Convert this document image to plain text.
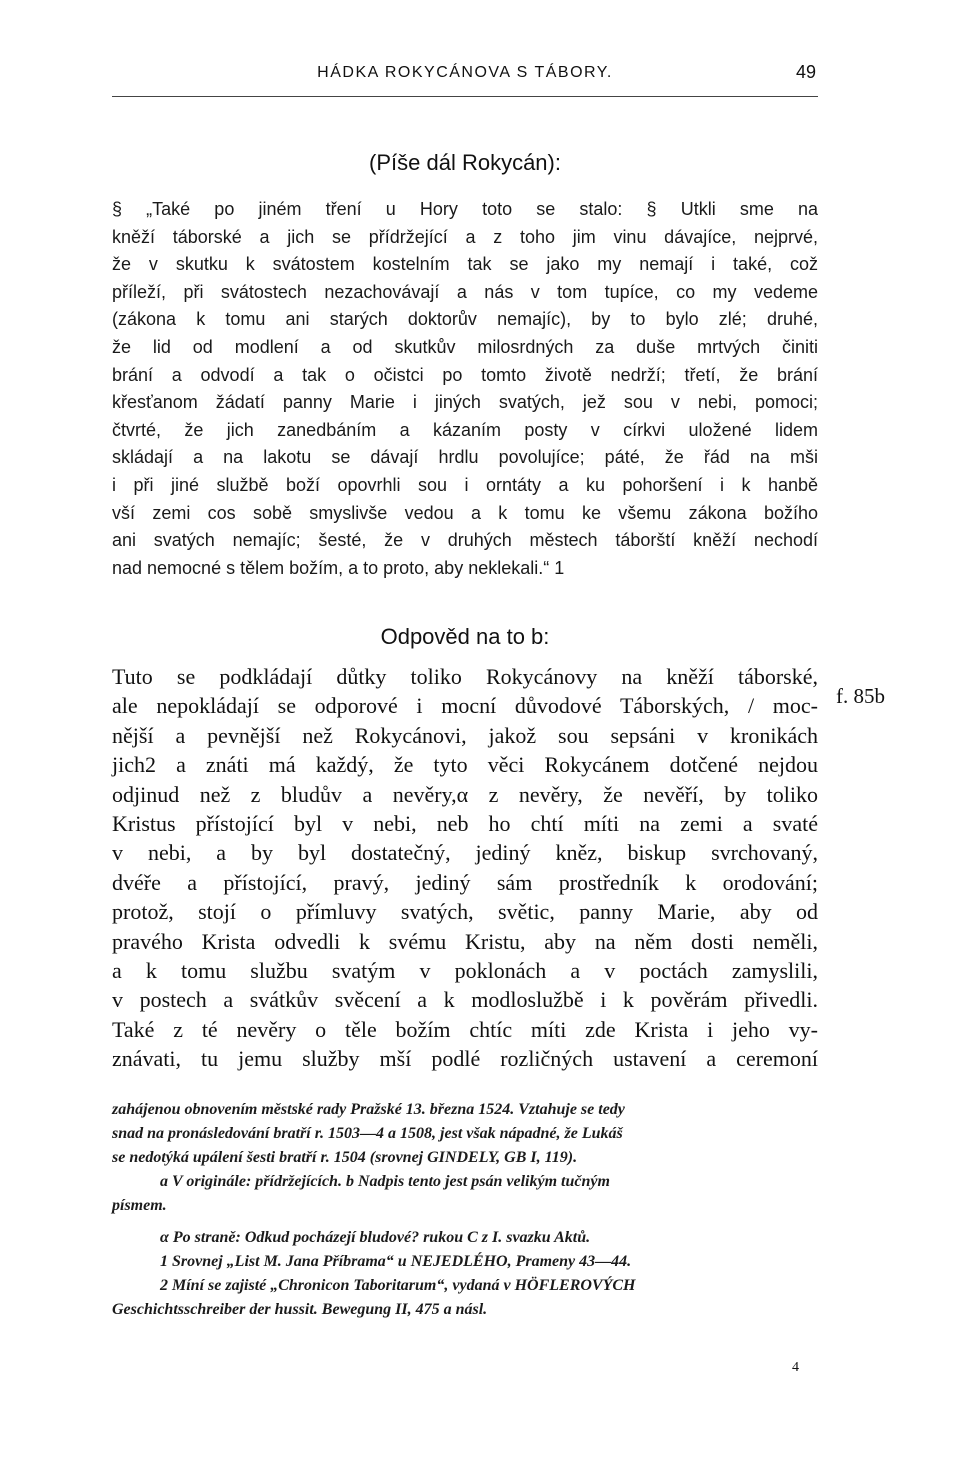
HÁDKA ROKYCÁNOVA S TÁBORY.	49
(Píše dál Rokycán):
§ „Také po jiném tření u Hory toto se stalo: § Utkli sme na
kněží táborské a jich se přídržející a z toho jim vinu dávajíce, nejprvé,
že v skutku k svátostem kostelním tak se jako my nemají i také, což
příleží, při svátostech nezachovávají a nás v tom tupíce, co my vedeme
(zákona k tomu ani starých doktorův nemajíc), by to bylo zlé; druhé,
že lid od modlení a od skutkův milosrdných za duše mrtvých činiti
brání a odvodí a tak o očistci po tomto životě nedrží; třetí, že brání
křesťanom žádatí panny Marie i jiných svatých, jež sou v nebi, pomoci;
čtvrté, že jich zanedbáním a kázaním posty v církvi uložené lidem
skládají a na lakotu se dávají hrdlu povolujíce; páté, že řád na mši
i při jiné službě boží opovrhli sou i orntáty a ku pohoršení i k hanbě
vší zemi cos sobě smyslivše vedou a k tomu ke všemu zákona božího
ani svatých nemajíc; šesté, že v druhých městech táborští kněží nechodí
nad nemocné s tělem božím, a to proto, aby neklekali.“ 1
Odpověd na to b:
f. 85b
Tuto se podkládají důtky toliko Rokycánovy na kněží táborské,
ale nepokládají se odporové i mocní důvodové Táborských, / moc-
nější a pevnější než Rokycánovi, jakož sou sepsáni v kronikách
jich2 a znáti má každý, že tyto věci Rokycánem dotčené nejdou
odjinud než z bludův a nevěry,α z nevěry, že nevěří, by toliko
Kristus přístojící byl v nebi, neb ho chtí míti na zemi a svaté
v nebi, a by byl dostatečný, jediný kněz, biskup svrchovaný,
dvéře a přístojící, pravý, jediný sám prostředník k orodování;
protož, stojí o přímluvy svatých, světic, panny Marie, aby od
pravého Krista odvedli k svému Kristu, aby na něm dosti neměli,
a k tomu službu svatým v poklonách a v poctách zamyslili,
v postech a svátkův svěcení a k modloslužbě i k pověrám přivedli.
Také z té nevěry o těle božím chtíc míti zde Krista i jeho vy-
znávati, tu jemu služby mší podlé rozličných ustavení a ceremoní
zahájenou obnovením městské rady Pražské 13. března 1524. Vztahuje se tedy
snad na pronásledování bratří r. 1503—4 a 1508, jest však nápadné, že Lukáš
se nedotýká upálení šesti bratří r. 1504 (srovnej GINDELY, GB I, 119).
a V originále: přídržejících. b Nadpis tento jest psán velikým tučným
písmem.
α Po straně: Odkud pocházejí bludové? rukou C z I. svazku Aktů.
1 Srovnej „List M. Jana Příbrama“ u NEJEDLÉHO, Prameny 43—44.
2 Míní se zajisté „Chronicon Taboritarum“, vydaná v HÖFLEROVÝCH
Geschichtsschreiber der hussit. Bewegung II, 475 a násl.
4
